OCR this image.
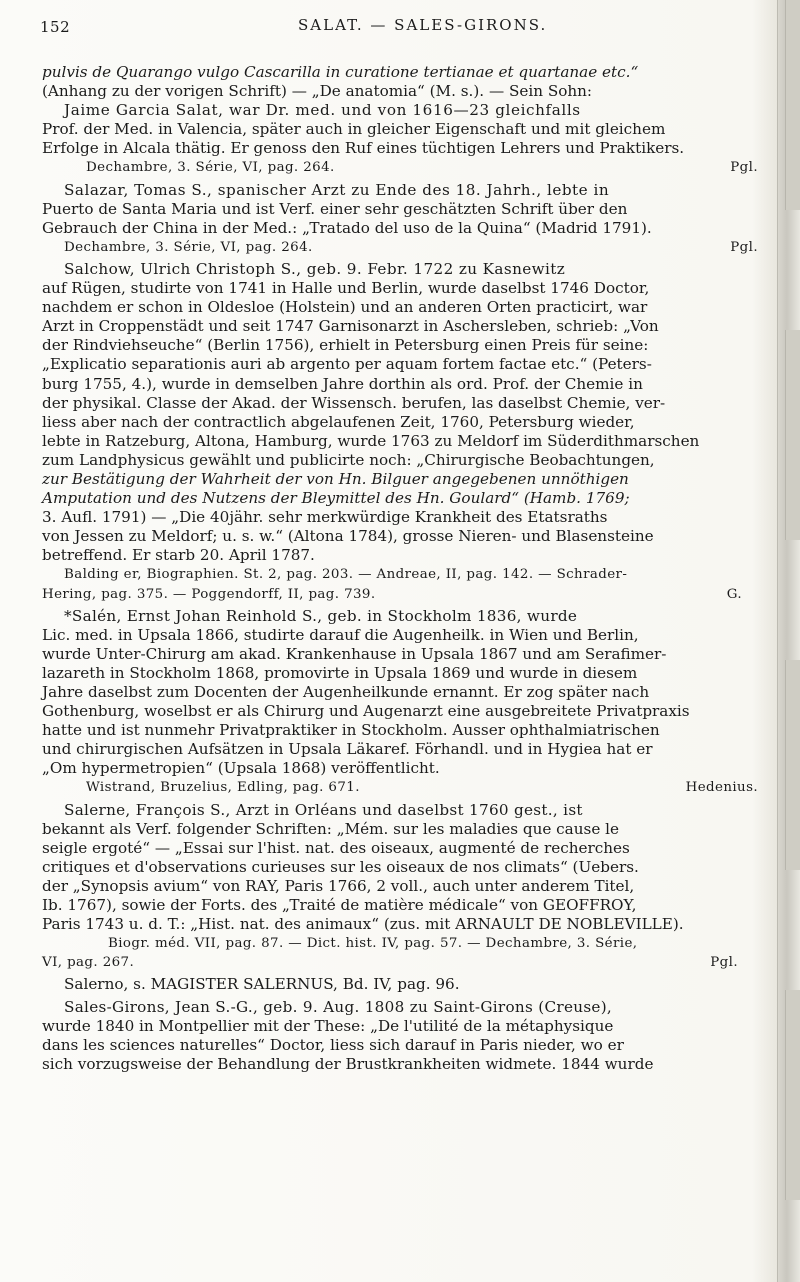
152	SALAT. — SALES-GIRONS.

pulvis de Quarango vulgo Cascarilla in curatione tertianae et quartanae etc.“

(Anhang zu der vorigen Schrift) — „De anatomia“ (M. s.). — Sein Sohn:

Jaime Garcia Salat, war Dr. med. und von 1616—23 gleichfalls

Prof. der Med. in Valencia, später auch in gleicher Eigenschaft und mit gleichem

Erfolge in Alcala thätig. Er genoss den Ruf eines tüchtigen Lehrers und Praktikers.

Dechambre, 3. Série, VI, pag. 264.	Pgl.

Salazar, Tomas S., spanischer Arzt zu Ende des 18. Jahrh., lebte in

Puerto de Santa Maria und ist Verf. einer sehr geschätzten Schrift über den

Gebrauch der China in der Med.: „Tratado del uso de la Quina“ (Madrid 1791).

Dechambre, 3. Série, VI, pag. 264.	Pgl.

Salchow, Ulrich Christoph S., geb. 9. Febr. 1722 zu Kasnewitz

auf Rügen, studirte von 1741 in Halle und Berlin, wurde daselbst 1746 Doctor,

nachdem er schon in Oldesloe (Holstein) und an anderen Orten practicirt, war

Arzt in Croppenstädt und seit 1747 Garnisonarzt in Aschersleben, schrieb: „Von

der Rindviehseuche“ (Berlin 1756), erhielt in Petersburg einen Preis für seine:

„Explicatio separationis auri ab argento per aquam fortem factae etc.“ (Peters-

burg 1755, 4.), wurde in demselben Jahre dorthin als ord. Prof. der Chemie in

der physikal. Classe der Akad. der Wissensch. berufen, las daselbst Chemie, ver-

liess aber nach der contractlich abgelaufenen Zeit, 1760, Petersburg wieder,

lebte in Ratzeburg, Altona, Hamburg, wurde 1763 zu Meldorf im Süderdithmarschen

zum Landphysicus gewählt und publicirte noch: „Chirurgische Beobachtungen,

zur Bestätigung der Wahrheit der von Hn. Bilguer angegebenen unnöthigen

Amputation und des Nutzens der Bleymittel des Hn. Goulard“ (Hamb. 1769;

3. Aufl. 1791) — „Die 40jähr. sehr merkwürdige Krankheit des Etatsraths

von Jessen zu Meldorf; u. s. w.“ (Altona 1784), grosse Nieren- und Blasensteine

betreffend. Er starb 20. April 1787.

Balding er, Biographien. St. 2, pag. 203. — Andreae, II, pag. 142. — Schrader-
Hering, pag. 375. — Poggendorff, II, pag. 739.	G.

*Salén, Ernst Johan Reinhold S., geb. in Stockholm 1836, wurde

Lic. med. in Upsala 1866, studirte darauf die Augenheilk. in Wien und Berlin,

wurde Unter-Chirurg am akad. Krankenhause in Upsala 1867 und am Serafimer-

lazareth in Stockholm 1868, promovirte in Upsala 1869 und wurde in diesem

Jahre daselbst zum Docenten der Augenheilkunde ernannt. Er zog später nach

Gothenburg, woselbst er als Chirurg und Augenarzt eine ausgebreitete Privatpraxis

hatte und ist nunmehr Privatpraktiker in Stockholm. Ausser ophthalmiatrischen

und chirurgischen Aufsätzen in Upsala Läkaref. Förhandl. und in Hygiea hat er

„Om hypermetropien“ (Upsala 1868) veröffentlicht.

Wistrand, Bruzelius, Edling, pag. 671.	Hedenius.

Salerne, François S., Arzt in Orléans und daselbst 1760 gest., ist

bekannt als Verf. folgender Schriften: „Mém. sur les maladies que cause le

seigle ergoté“ — „Essai sur l'hist. nat. des oiseaux, augmenté de recherches

critiques et d'observations curieuses sur les oiseaux de nos climats“ (Uebers.

der „Synopsis avium“ von RAY, Paris 1766, 2 voll., auch unter anderem Titel,

Ib. 1767), sowie der Forts. des „Traité de matière médicale“ von GEOFFROY,

Paris 1743 u. d. T.: „Hist. nat. des animaux“ (zus. mit ARNAULT DE NOBLEVILLE).

Biogr. méd. VII, pag. 87. — Dict. hist. IV, pag. 57. — Dechambre, 3. Série,
VI, pag. 267.	Pgl.

Salerno, s. MAGISTER SALERNUS, Bd. IV, pag. 96.

Sales-Girons, Jean S.-G., geb. 9. Aug. 1808 zu Saint-Girons (Creuse),

wurde 1840 in Montpellier mit der These: „De l'utilité de la métaphysique

dans les sciences naturelles“ Doctor, liess sich darauf in Paris nieder, wo er

sich vorzugsweise der Behandlung der Brustkrankheiten widmete. 1844 wurde
